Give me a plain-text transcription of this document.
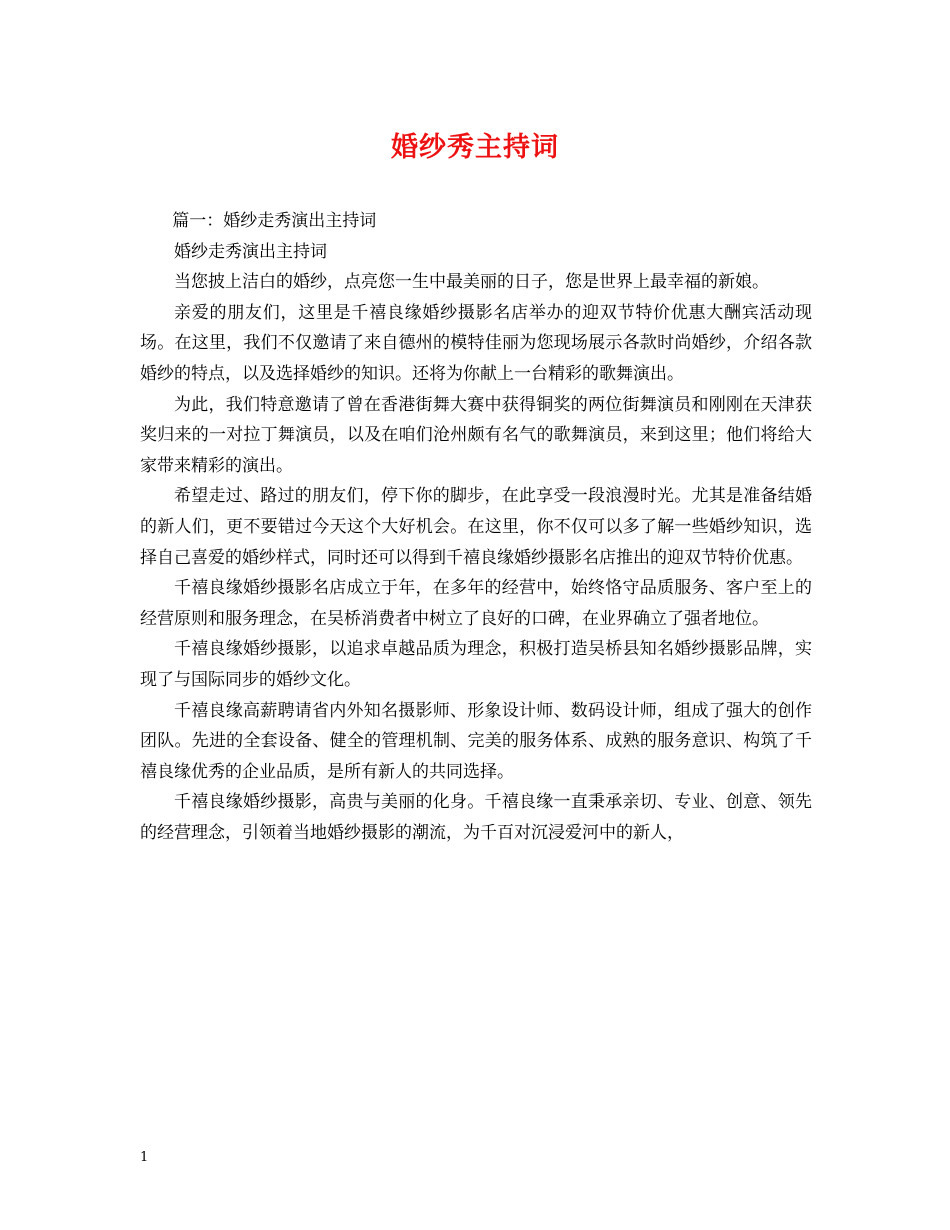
婚纱秀主持词

篇一：婚纱走秀演出主持词

婚纱走秀演出主持词

当您披上洁白的婚纱，点亮您一生中最美丽的日子，您是世界上最幸福的新娘。

亲爱的朋友们，这里是千禧良缘婚纱摄影名店举办的迎双节特价优惠大酬宾活动现场。在这里，我们不仅邀请了来自德州的模特佳丽为您现场展示各款时尚婚纱，介绍各款婚纱的特点，以及选择婚纱的知识。还将为你献上一台精彩的歌舞演出。

为此，我们特意邀请了曾在香港街舞大赛中获得铜奖的两位街舞演员和刚刚在天津获奖归来的一对拉丁舞演员，以及在咱们沧州颇有名气的歌舞演员，来到这里；他们将给大家带来精彩的演出。

希望走过、路过的朋友们，停下你的脚步，在此享受一段浪漫时光。尤其是准备结婚的新人们，更不要错过今天这个大好机会。在这里，你不仅可以多了解一些婚纱知识，选择自己喜爱的婚纱样式，同时还可以得到千禧良缘婚纱摄影名店推出的迎双节特价优惠。

千禧良缘婚纱摄影名店成立于年，在多年的经营中，始终恪守品质服务、客户至上的经营原则和服务理念，在吴桥消费者中树立了良好的口碑，在业界确立了强者地位。

千禧良缘婚纱摄影，以追求卓越品质为理念，积极打造吴桥县知名婚纱摄影品牌，实现了与国际同步的婚纱文化。

千禧良缘高薪聘请省内外知名摄影师、形象设计师、数码设计师，组成了强大的创作团队。先进的全套设备、健全的管理机制、完美的服务体系、成熟的服务意识、构筑了千禧良缘优秀的企业品质，是所有新人的共同选择。

千禧良缘婚纱摄影，高贵与美丽的化身。千禧良缘一直秉承亲切、专业、创意、领先的经营理念，引领着当地婚纱摄影的潮流，为千百对沉浸爱河中的新人，

1
